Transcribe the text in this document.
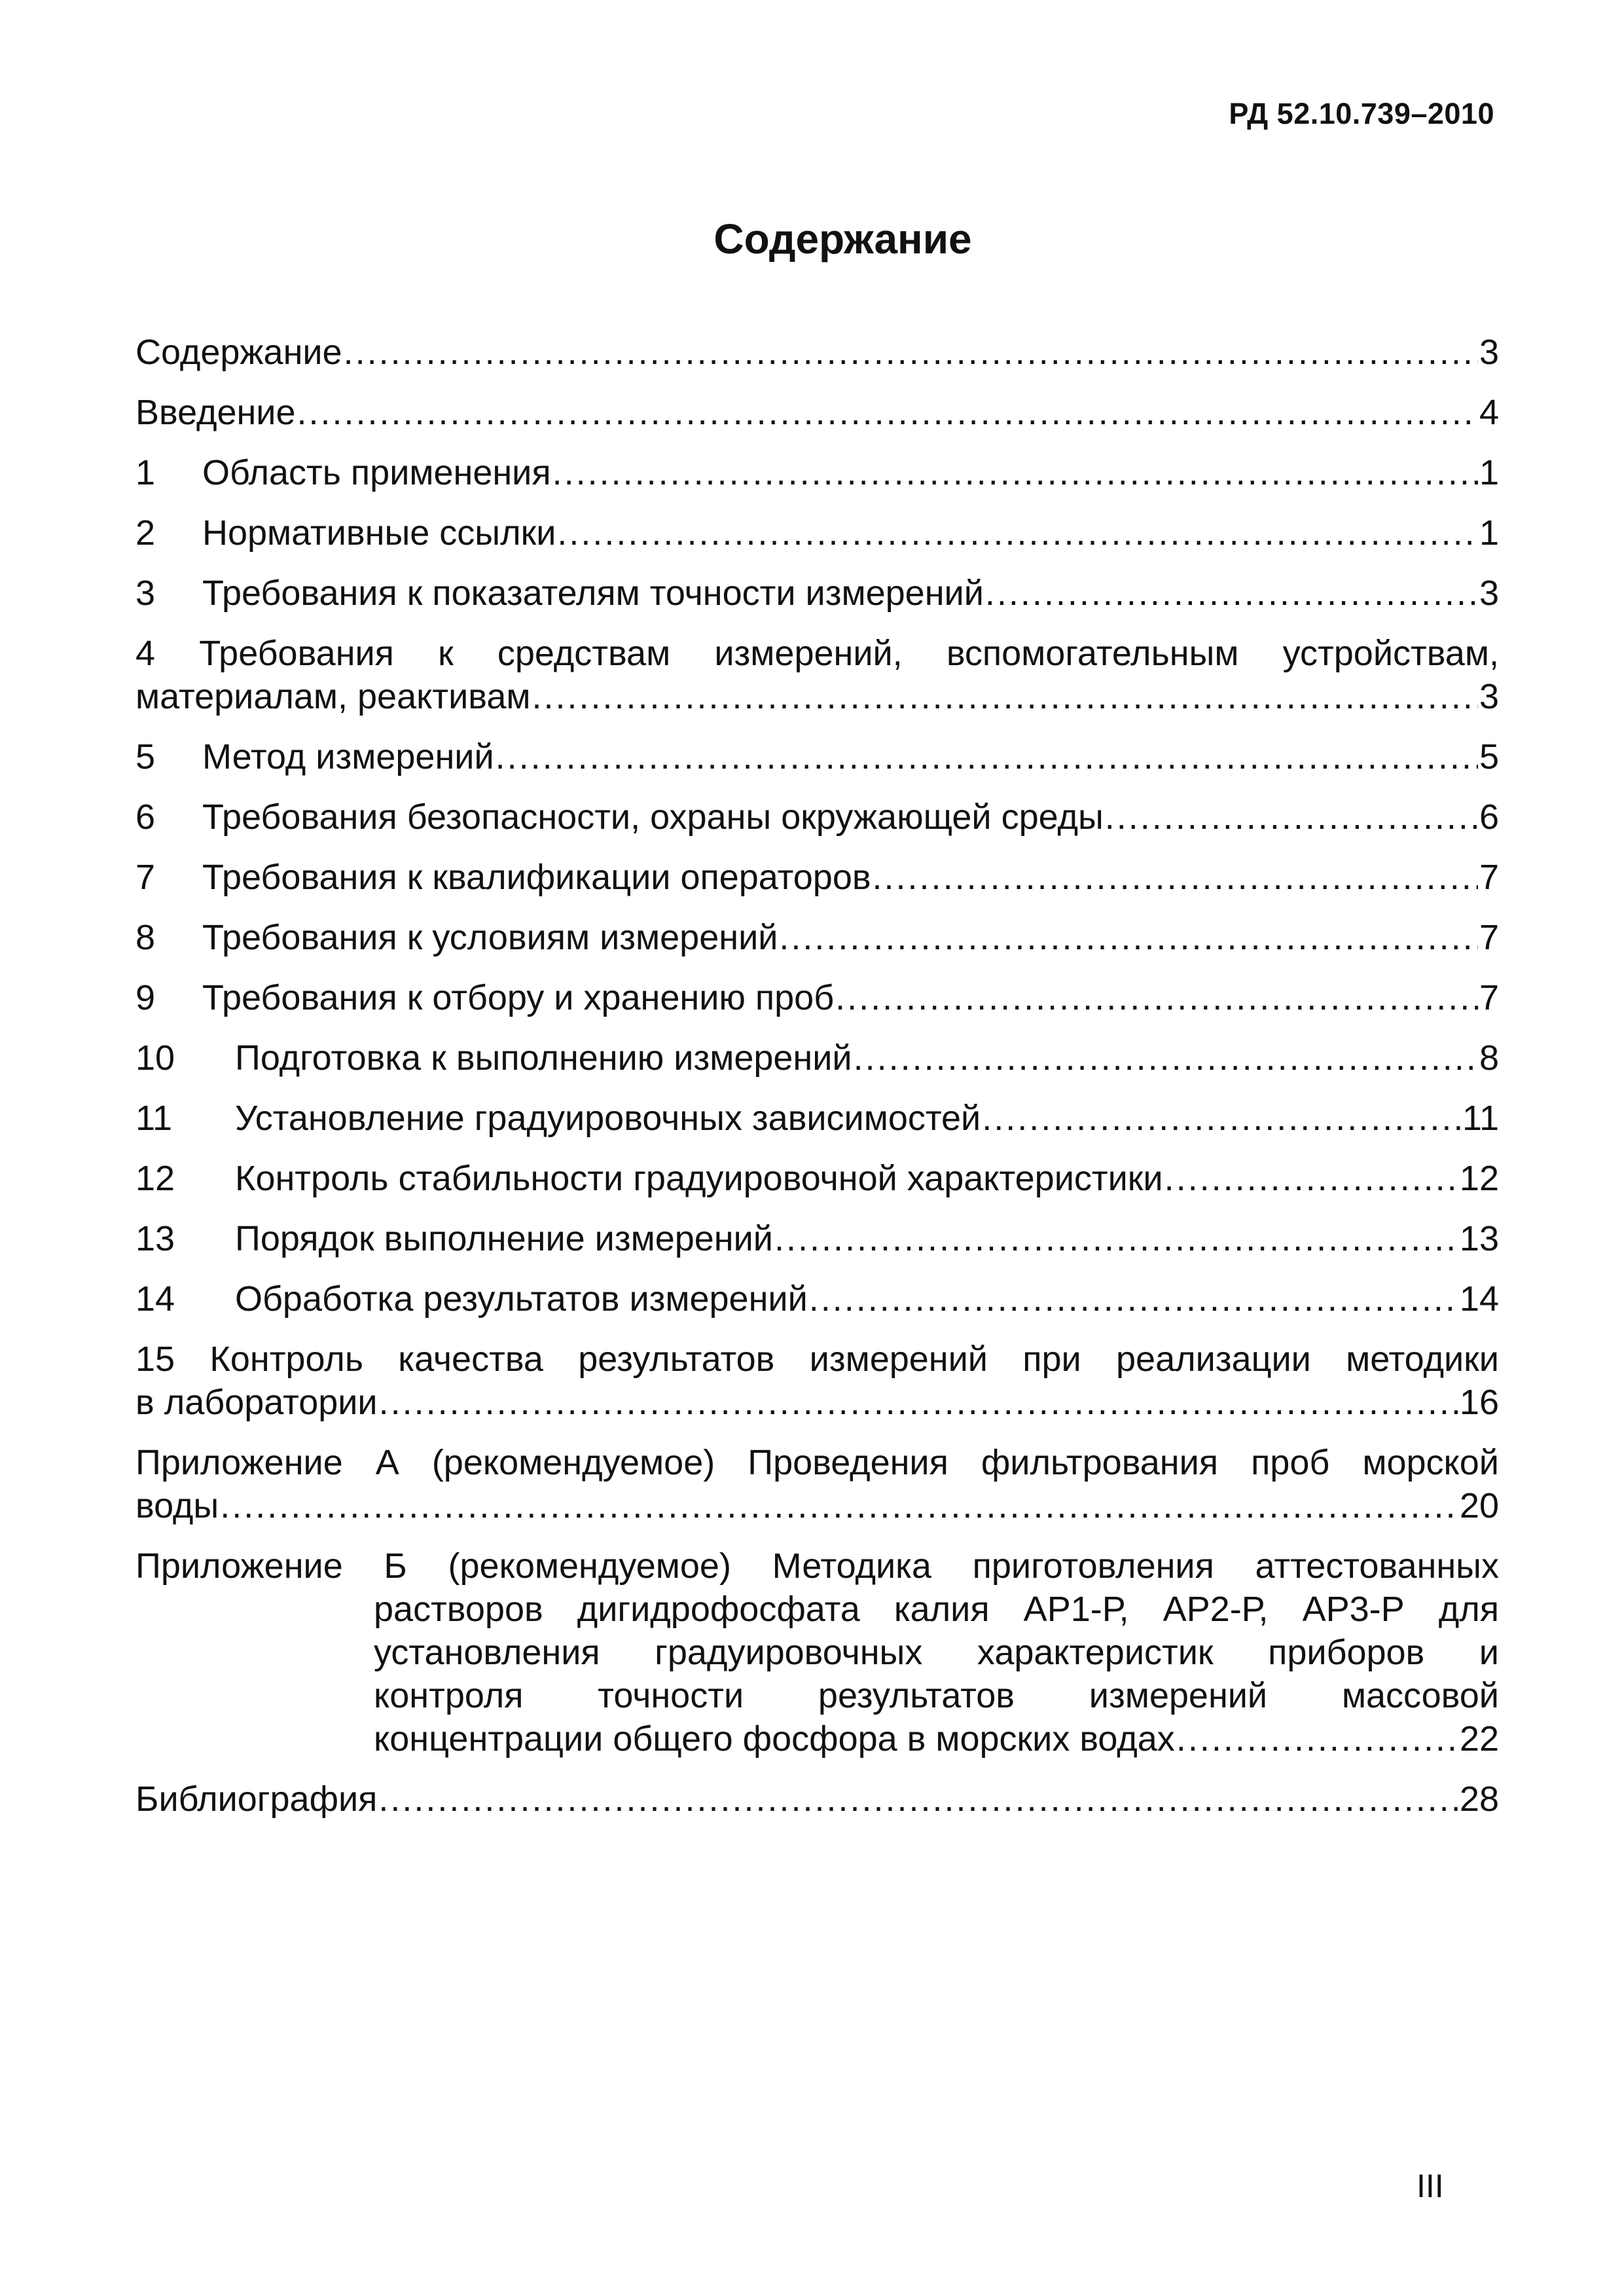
РД 52.10.739–2010

Содержание
Содержание .....	3
Введение .....	4
1	Область применения .....	1
2	Нормативные ссылки .....	1
3	Требования к показателям точности измерений .....	3
4 Требования к средствам измерений, вспомогательным устройствам,
материалам, реактивам .....	3
5	Метод измерений .....	5
6	Требования безопасности, охраны окружающей среды .....	6
7	Требования к квалификации операторов .....	7
8	Требования к условиям измерений .....	7
9	Требования к отбору и хранению проб .....	7
10	Подготовка к выполнению измерений .....	8
11	Установление градуировочных зависимостей .....	11
12	Контроль стабильности градуировочной характеристики .....	12
13	Порядок выполнение измерений .....	13
14	Обработка результатов измерений .....	14
15 Контроль качества результатов измерений при реализации методики
в лаборатории .....	16
Приложение А (рекомендуемое) Проведения фильтрования проб морской
воды .....	20
Приложение Б (рекомендуемое) Методика приготовления аттестованных
растворов дигидрофосфата калия АР1-Р, АР2-Р, АР3-Р для
установления градуировочных характеристик приборов и
контроля точности результатов измерений массовой
концентрации общего фосфора в морских водах .....	22
Библиография .....	28

III
